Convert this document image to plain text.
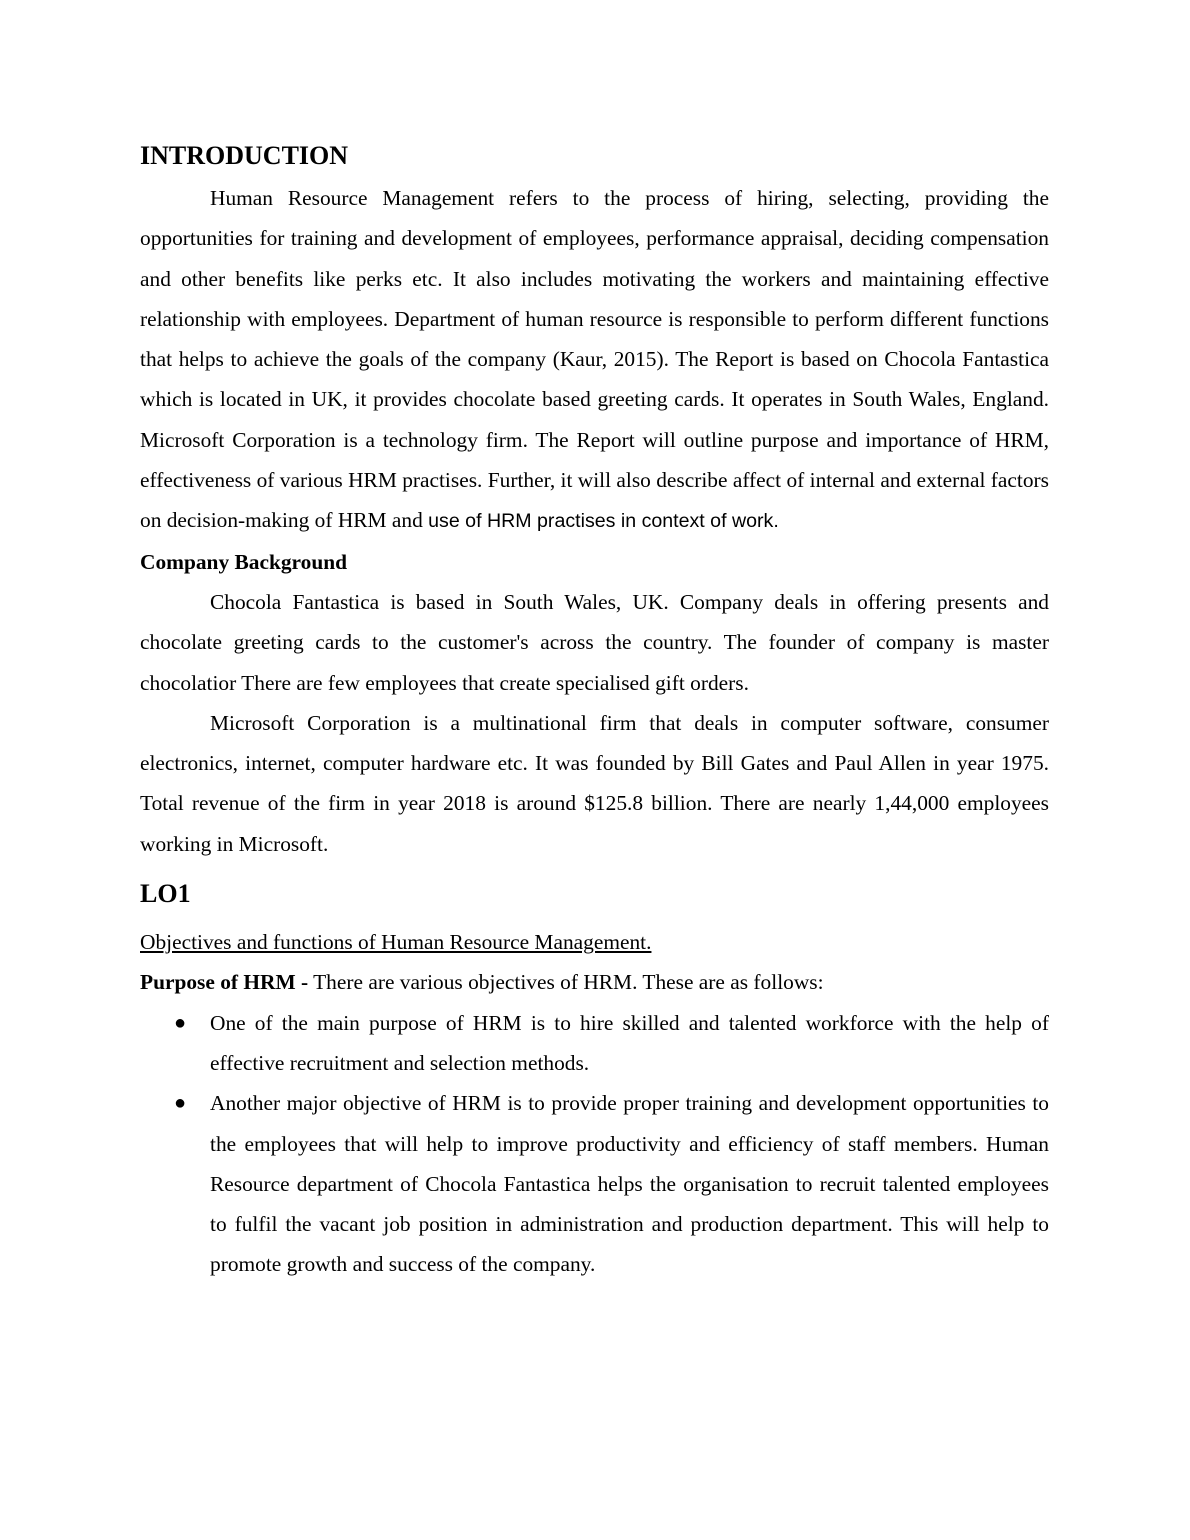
INTRODUCTION

Human Resource Management refers to the process of hiring, selecting, providing the opportunities for training and development of employees, performance appraisal, deciding compensation and other benefits like perks etc. It also includes motivating the workers and maintaining effective relationship with employees. Department of human resource is responsible to perform different functions that helps to achieve the goals of the company (Kaur, 2015). The Report is based on Chocola Fantastica which is located in UK, it provides chocolate based greeting cards. It operates in South Wales, England. Microsoft Corporation is a technology firm. The Report will outline purpose and importance of HRM, effectiveness of various HRM practises. Further, it will also describe affect of internal and external factors on decision-making of HRM and use of HRM practises in context of work.

Company Background

Chocola Fantastica is based in South Wales, UK. Company deals in offering presents and chocolate greeting cards to the customer's across the country. The founder of company is master chocolatior There are few employees that create specialised gift orders.

Microsoft Corporation is a multinational firm that deals in computer software, consumer electronics, internet, computer hardware etc. It was founded by Bill Gates and Paul Allen in year 1975. Total revenue of the firm in year 2018 is around $125.8 billion. There are nearly 1,44,000 employees working in Microsoft.

LO1

Objectives and functions of Human Resource Management.

Purpose of HRM - There are various objectives of HRM. These are as follows:

● One of the main purpose of HRM is to hire skilled and talented workforce with the help of effective recruitment and selection methods.
● Another major objective of HRM is to provide proper training and development opportunities to the employees that will help to improve productivity and efficiency of staff members. Human Resource department of Chocola Fantastica helps the organisation to recruit talented employees to fulfil the vacant job position in administration and production department. This will help to promote growth and success of the company.
